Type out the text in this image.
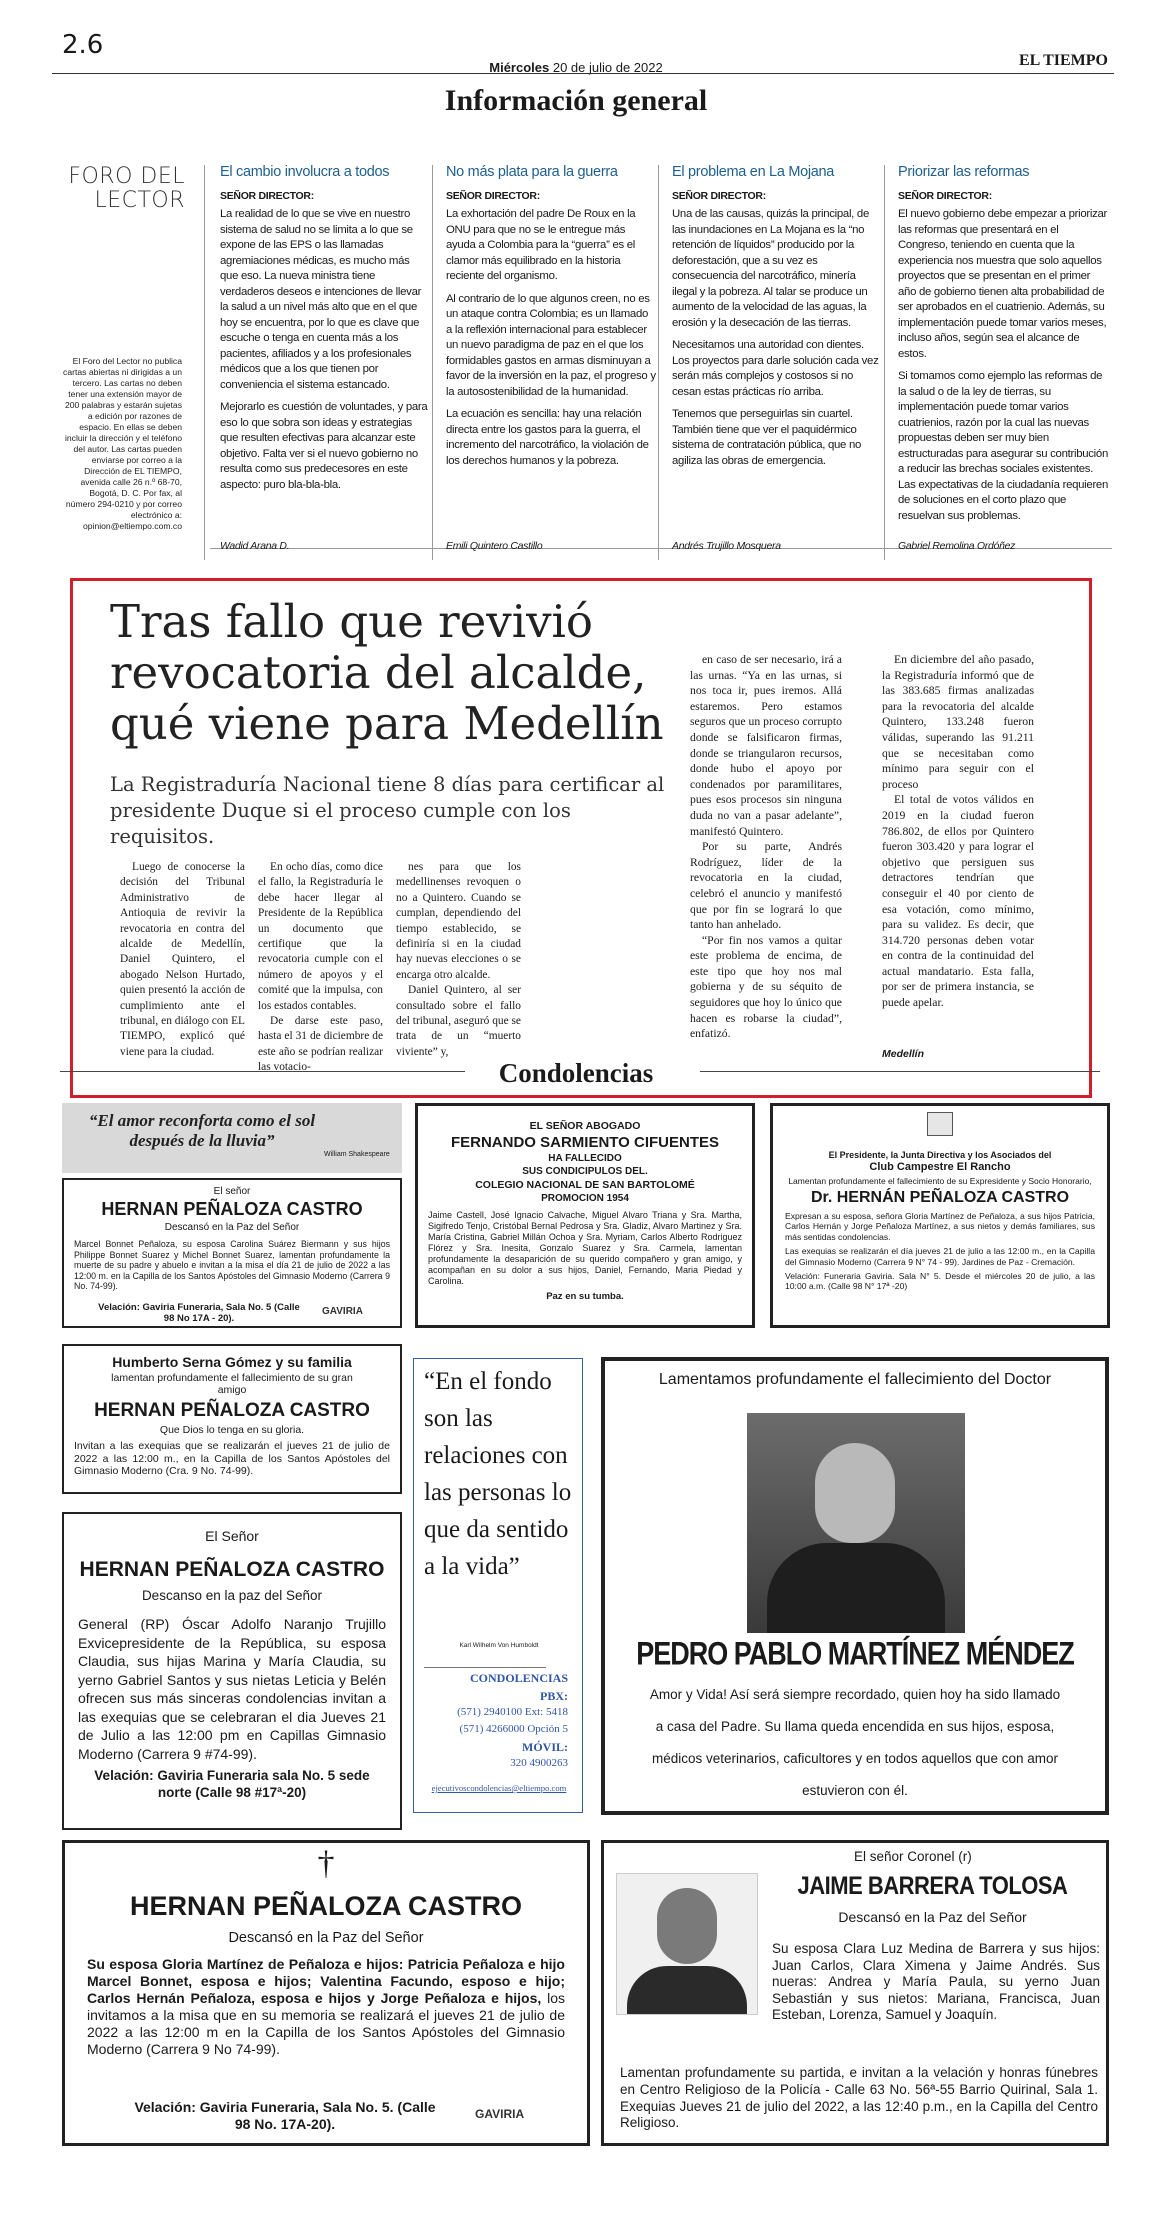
2.6
Miércoles 20 de julio de 2022	EL TIEMPO
Información general
FORO DEL
LECTOR
El Foro del Lector no publica cartas abiertas ni dirigidas a un tercero. Las cartas no deben tener una extensión mayor de 200 palabras y estarán sujetas a edición por razones de espacio. En ellas se deben incluir la dirección y el teléfono del autor. Las cartas pueden enviarse por correo a la Dirección de EL TIEMPO, avenida calle 26 n.º 68-70, Bogotá, D. C. Por fax, al número 294-0210 y por correo electrónico a: opinion@eltiempo.com.co
El cambio involucra a todos
SEÑOR DIRECTOR:

La realidad de lo que se vive en nuestro sistema de salud no se limita a lo que se expone de las EPS o las llamadas agremiaciones médicas, es mucho más que eso. La nueva ministra tiene verdaderos deseos e intenciones de llevar la salud a un nivel más alto que en el que hoy se encuentra, por lo que es clave que escuche o tenga en cuenta más a los pacientes, afiliados y a los profesionales médicos que a los que tienen por conveniencia el sistema estancado.

Mejorarlo es cuestión de voluntades, y para eso lo que sobra son ideas y estrategias que resulten efectivas para alcanzar este objetivo. Falta ver si el nuevo gobierno no resulta como sus predecesores en este aspecto: puro bla-bla-bla.

Wadid Arana D.
No más plata para la guerra
SEÑOR DIRECTOR:

La exhortación del padre De Roux en la ONU para que no se le entregue más ayuda a Colombia para la “guerra” es el clamor más equilibrado en la historia reciente del organismo.

Al contrario de lo que algunos creen, no es un ataque contra Colombia; es un llamado a la reflexión internacional para establecer un nuevo paradigma de paz en el que los formidables gastos en armas disminuyan a favor de la inversión en la paz, el progreso y la autosostenibilidad de la humanidad.

La ecuación es sencilla: hay una relación directa entre los gastos para la guerra, el incremento del narcotráfico, la violación de los derechos humanos y la pobreza.

Emili Quintero Castillo
El problema en La Mojana
SEÑOR DIRECTOR:

Una de las causas, quizás la principal, de las inundaciones en La Mojana es la “no retención de líquidos” producido por la deforestación, que a su vez es consecuencia del narcotráfico, minería ilegal y la pobreza. Al talar se produce un aumento de la velocidad de las aguas, la erosión y la desecación de las tierras.

Necesitamos una autoridad con dientes. Los proyectos para darle solución cada vez serán más complejos y costosos si no cesan estas prácticas río arriba.

Tenemos que perseguirlas sin cuartel. También tiene que ver el paquidérmico sistema de contratación pública, que no agiliza las obras de emergencia.

Andrés Trujillo Mosquera
Priorizar las reformas
SEÑOR DIRECTOR:

El nuevo gobierno debe empezar a priorizar las reformas que presentará en el Congreso, teniendo en cuenta que la experiencia nos muestra que solo aquellos proyectos que se presentan en el primer año de gobierno tienen alta probabilidad de ser aprobados en el cuatrienio. Además, su implementación puede tomar varios meses, incluso años, según sea el alcance de estos.

Si tomamos como ejemplo las reformas de la salud o de la ley de tierras, su implementación puede tomar varios cuatrienios, razón por la cual las nuevas propuestas deben ser muy bien estructuradas para asegurar su contribución a reducir las brechas sociales existentes. Las expectativas de la ciudadanía requieren de soluciones en el corto plazo que resuelvan sus problemas.

Gabriel Remolina Ordóñez
Tras fallo que revivió revocatoria del alcalde, qué viene para Medellín
La Registraduría Nacional tiene 8 días para certificar al presidente Duque si el proceso cumple con los requisitos.

Luego de conocerse la decisión del Tribunal Administrativo de Antioquia de revivir la revocatoria en contra del alcalde de Medellín, Daniel Quintero, el abogado Nelson Hurtado, quien presentó la acción de cumplimiento ante el tribunal, en diálogo con EL TIEMPO, explicó qué viene para la ciudad.

En ocho días, como dice el fallo, la Registraduría le debe hacer llegar al Presidente de la República un documento que certifique que la revocatoria cumple con el número de apoyos y el comité que la impulsa, con los estados contables.

De darse este paso, hasta el 31 de diciembre de este año se podrían realizar las votacio-

nes para que los medellinenses revoquen o no a Quintero. Cuando se cumplan, dependiendo del tiempo establecido, se definiría si en la ciudad hay nuevas elecciones o se encarga otro alcalde.

Daniel Quintero, al ser consultado sobre el fallo del tribunal, aseguró que se trata de un “muerto viviente” y,

en caso de ser necesario, irá a las urnas. “Ya en las urnas, si nos toca ir, pues iremos. Allá estaremos. Pero estamos seguros que un proceso corrupto donde se falsificaron firmas, donde se triangularon recursos, donde hubo el apoyo por condenados por paramilitares, pues esos procesos sin ninguna duda no van a pasar adelante”, manifestó Quintero.

Por su parte, Andrés Rodríguez, líder de la revocatoria en la ciudad, celebró el anuncio y manifestó que por fin se logrará lo que tanto han anhelado.

“Por fin nos vamos a quitar este problema de encima, de este tipo que hoy nos mal gobierna y de su séquito de seguidores que hoy lo único que hacen es robarse la ciudad”, enfatizó.

En diciembre del año pasado, la Registraduría informó que de las 383.685 firmas analizadas para la revocatoria del alcalde Quintero, 133.248 fueron válidas, superando las 91.211 que se necesitaban como mínimo para seguir con el proceso

El total de votos válidos en 2019 en la ciudad fueron 786.802, de ellos por Quintero fueron 303.420 y para lograr el objetivo que persiguen sus detractores tendrían que conseguir el 40 por ciento de esa votación, como mínimo, para su validez. Es decir, que 314.720 personas deben votar en contra de la continuidad del actual mandatario. Esta falla, por ser de primera instancia, se puede apelar.

Medellín
Condolencias
“El amor reconforta como el sol después de la lluvia”
William Shakespeare
El señor
HERNAN PEÑALOZA CASTRO
Descansó en la Paz del Señor
Marcel Bonnet Peñaloza, su esposa Carolina Suárez Biermann y sus hijos Philippe Bonnet Suarez y Michel Bonnet Suarez, lamentan profundamente la muerte de su padre y abuelo e invitan a la misa el día 21 de julio de 2022 a las 12:00 m. en la Capilla de los Santos Apóstoles del Gimnasio Moderno (Carrera 9 No. 74-99).
Velación: Gaviria Funeraria, Sala No. 5 (Calle 98 No 17A - 20).
GAVIRIA
EL SEÑOR ABOGADO
FERNANDO SARMIENTO CIFUENTES
HA FALLECIDO
SUS CONDICIPULOS DEL.
COLEGIO NACIONAL DE SAN BARTOLOMÉ
PROMOCION 1954
Jaime Castell, José Ignacio Calvache, Miguel Alvaro Triana y Sra. Martha, Sigifredo Tenjo, Cristóbal Bernal Pedrosa y Sra. Gladiz, Alvaro Martinez y Sra. María Cristina, Gabriel Millán Ochoa y Sra. Myriam, Carlos Alberto Rodriguez Flórez y Sra. Inesita, Gonzalo Suarez y Sra. Carmela, lamentan profundamente la desaparición de su querido compañero y gran amigo, y acompañan en su dolor a sus hijos, Daniel, Fernando, Maria Piedad y Carolina.
Paz en su tumba.
El Presidente, la Junta Directiva y los Asociados del
Club Campestre El Rancho
Lamentan profundamente el fallecimiento de su Expresidente y Socio Honorario,
Dr. HERNÁN PEÑALOZA CASTRO
Expresan a su esposa, señora Gloria Martínez de Peñaloza, a sus hijos Patricia, Carlos Hernán y Jorge Peñaloza Martínez, a sus nietos y demás familiares, sus más sentidas condolencias.
Las exequias se realizarán el día jueves 21 de julio a las 12:00 m., en la Capilla del Gimnasio Moderno (Carrera 9 N° 74 - 99). Jardines de Paz - Cremación.
Velación: Funeraria Gaviria. Sala N° 5. Desde el miércoles 20 de julio, a las 10:00 a.m. (Calle 98 N° 17ª -20)
Humberto Serna Gómez y su familia
lamentan profundamente el fallecimiento de su gran amigo
HERNAN PEÑALOZA CASTRO
Que Dios lo tenga en su gloria.
Invitan a las exequias que se realizarán el jueves 21 de julio de 2022 a las 12:00 m., en la Capilla de los Santos Apóstoles del Gimnasio Moderno (Cra. 9 No. 74-99).
El Señor
HERNAN PEÑALOZA CASTRO
Descanso en la paz del Señor
General (RP) Óscar Adolfo Naranjo Trujillo Exvicepresidente de la República, su esposa Claudia, sus hijas Marina y María Claudia, su yerno Gabriel Santos y sus nietas Leticia y Belén ofrecen sus más sinceras condolencias invitan a las exequias que se celebraran el dia Jueves 21 de Julio a las 12:00 pm en Capillas Gimnasio Moderno (Carrera 9 #74-99).
Velación: Gaviria Funeraria sala No. 5 sede norte (Calle 98 #17ª-20)
“En el fondo son las relaciones con las personas lo que da sentido a la vida”
Karl Wilhelm Von Humboldt
CONDOLENCIAS
PBX:
(571) 2940100 Ext: 5418
(571) 4266000 Opción 5
MÓVIL:
320 4900263
ejecutivoscondolencias@eltiempo.com
Lamentamos profundamente el fallecimiento del Doctor
PEDRO PABLO MARTÍNEZ MÉNDEZ
Amor y Vida! Así será siempre recordado, quien hoy ha sido llamado
a casa del Padre. Su llama queda encendida en sus hijos, esposa,
médicos veterinarios, caficultores y en todos aquellos que con amor
estuvieron con él.
†
HERNAN PEÑALOZA CASTRO
Descansó en la Paz del Señor
Su esposa Gloria Martínez de Peñaloza e hijos: Patricia Peñaloza e hijo Marcel Bonnet, esposa e hijos; Valentina Facundo, esposo e hijo; Carlos Hernán Peñaloza, esposa e hijos y Jorge Peñaloza e hijos, los invitamos a la misa que en su memoria se realizará el jueves 21 de julio de 2022 a las 12:00 m en la Capilla de los Santos Apóstoles del Gimnasio Moderno (Carrera 9 No 74-99).
Velación: Gaviria Funeraria, Sala No. 5. (Calle 98 No. 17A-20).
GAVIRIA
El señor Coronel (r)
JAIME BARRERA TOLOSA
Descansó en la Paz del Señor
Su esposa Clara Luz Medina de Barrera y sus hijos: Juan Carlos, Clara Ximena y Jaime Andrés. Sus nueras: Andrea y María Paula, su yerno Juan Sebastián y sus nietos: Mariana, Francisca, Juan Esteban, Lorenza, Samuel y Joaquín.
Lamentan profundamente su partida, e invitan a la velación y honras fúnebres en Centro Religioso de la Policía - Calle 63 No. 56ª-55 Barrio Quirinal, Sala 1. Exequias Jueves 21 de julio del 2022, a las 12:40 p.m., en la Capilla del Centro Religioso.
